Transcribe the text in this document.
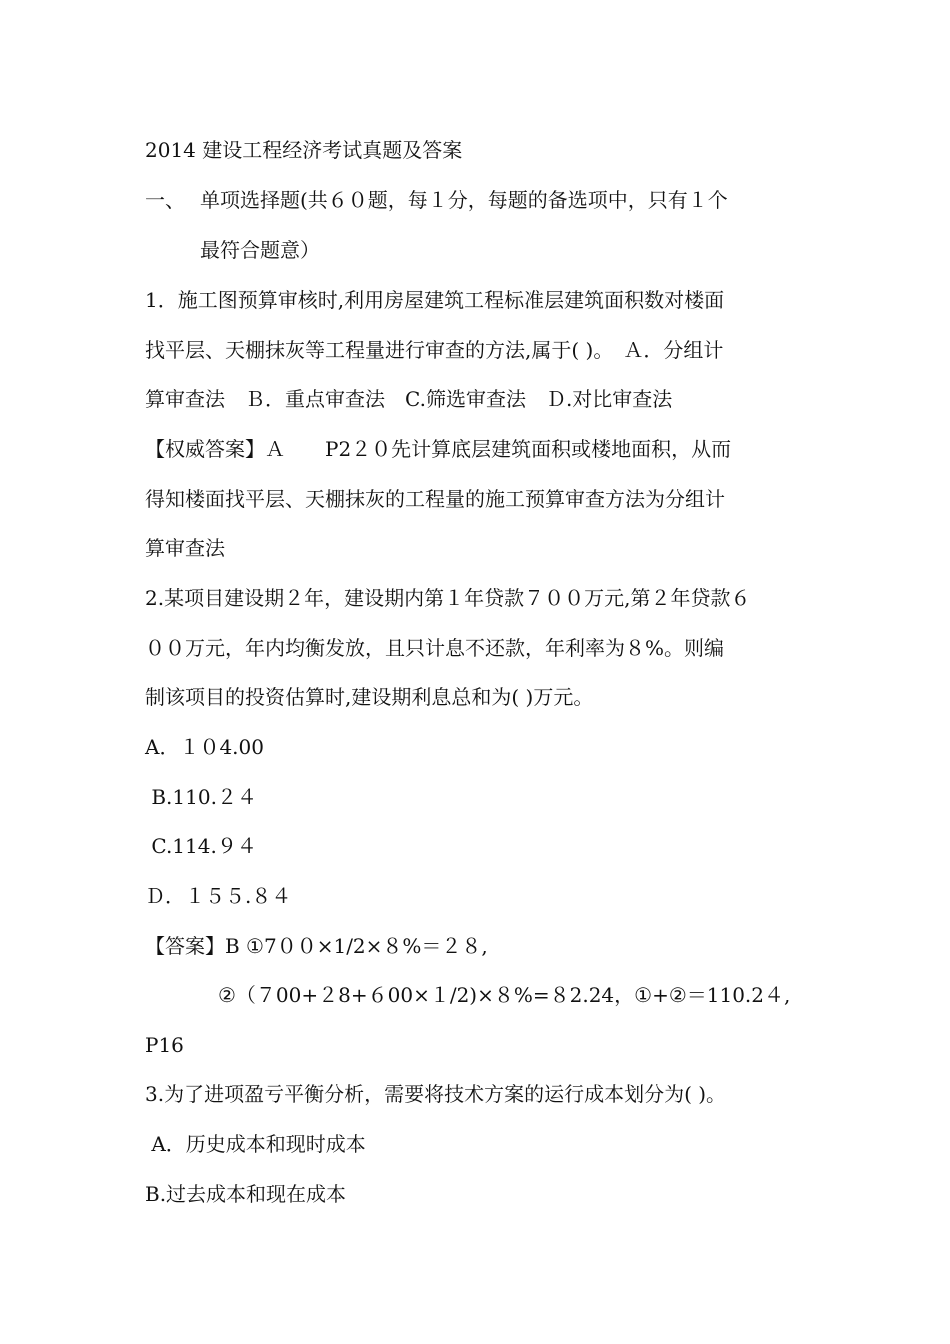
2014 建设工程经济考试真题及答案
一、 单项选择题(共６０题，每１分，每题的备选项中，只有１个
最符合题意）
1．施工图预算审核时,利用房屋建筑工程标准层建筑面积数对楼面
找平层、天棚抹灰等工程量进行审查的方法,属于( )。　Ａ．分组计
算审查法　Ｂ．重点审查法　C.筛选审查法　Ｄ.对比审查法
【权威答案】Ａ　　P2２０先计算底层建筑面积或楼地面积，从而
得知楼面找平层、天棚抹灰的工程量的施工预算审查方法为分组计
算审查法
2.某项目建设期２年，建设期内第１年贷款７００万元,第２年贷款６
００万元，年内均衡发放，且只计息不还款，年利率为８%。则编
制该项目的投资估算时,建设期利息总和为( )万元。
A．１０4.00
B.110.２４
C.114.９４
Ｄ．１５５.８４
【答案】B ①7００×1/2×８%＝２８,
②（７00+２8+６00×１/2)×８%=８2.24，①+②＝110.2４,
P16
3.为了进项盈亏平衡分析，需要将技术方案的运行成本划分为( )。
A．历史成本和现时成本
B.过去成本和现在成本
